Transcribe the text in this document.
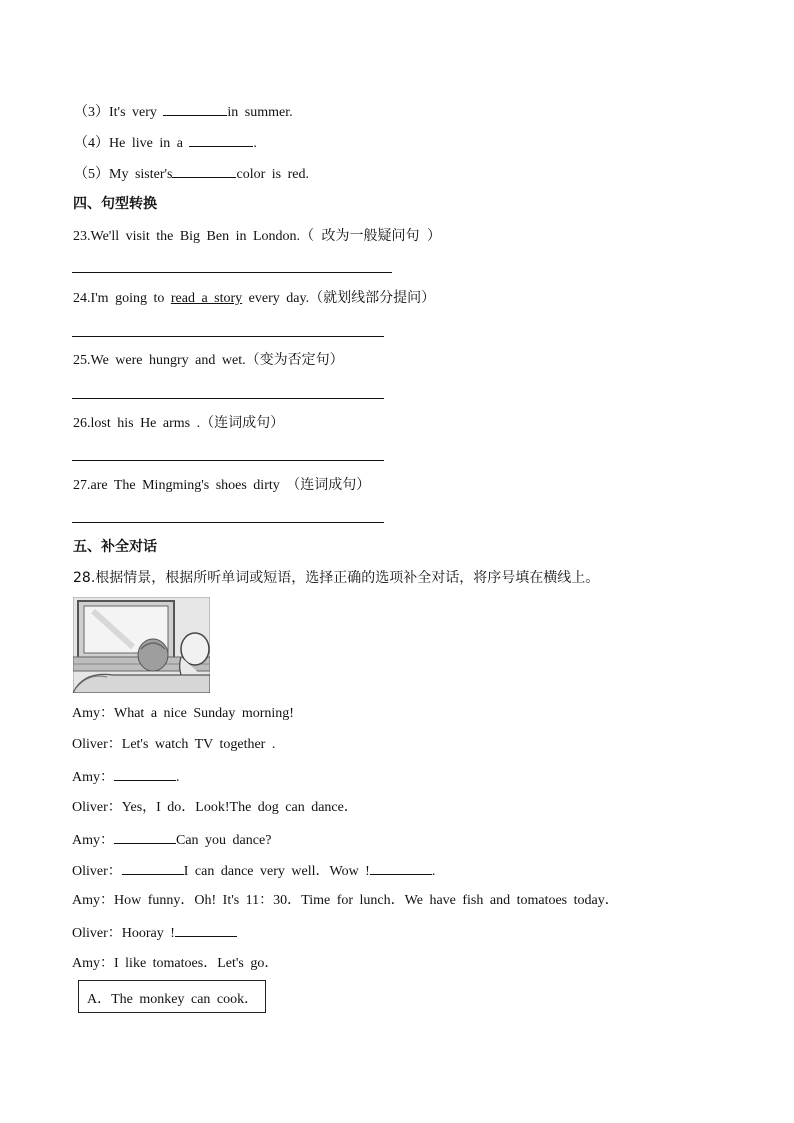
（3）It's very	in summer.
（4）He live in a	.
（5）My sister's	color is red.
四、句型转换
23.We'll visit the Big Ben in London.（ 改为一般疑问句 ）
24.I'm going to read a story every day.（就划线部分提问）
25.We were hungry and wet.（变为否定句）
26.lost his He arms .（连词成句）
27.are The Mingming's shoes dirty （连词成句）
五、补全对话
28.根据情景，根据所听单词或短语，选择正确的选项补全对话，将序号填在横线上。
Amy：What a nice Sunday morning!
Oliver：Let's watch TV together .
Amy：	.
Oliver：Yes，I do．Look!The dog can dance．
Amy：	Can you dance?
Oliver：	I can dance very well．Wow !	.
Amy：How funny．Oh! It's 11：30．Time for lunch．We have fish and tomatoes today．
Oliver：Hooray !
Amy：I like tomatoes．Let's go．
A．The monkey can cook．
